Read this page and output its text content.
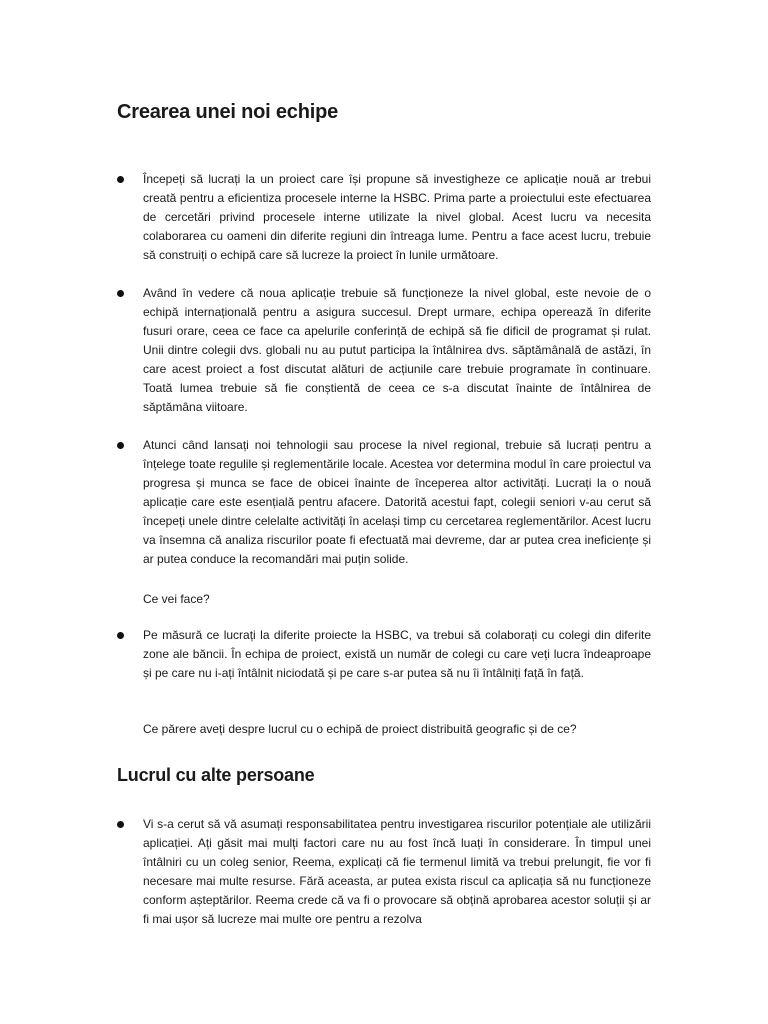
Crearea unei noi echipe

Începeți să lucrați la un proiect care își propune să investigheze ce aplicație nouă ar trebui creată pentru a eficientiza procesele interne la HSBC. Prima parte a proiectului este efectuarea de cercetări privind procesele interne utilizate la nivel global. Acest lucru va necesita colaborarea cu oameni din diferite regiuni din întreaga lume. Pentru a face acest lucru, trebuie să construiți o echipă care să lucreze la proiect în lunile următoare.

Având în vedere că noua aplicație trebuie să funcționeze la nivel global, este nevoie de o echipă internațională pentru a asigura succesul. Drept urmare, echipa operează în diferite fusuri orare, ceea ce face ca apelurile conferință de echipă să fie dificil de programat și rulat. Unii dintre colegii dvs. globali nu au putut participa la întâlnirea dvs. săptămânală de astăzi, în care acest proiect a fost discutat alături de acțiunile care trebuie programate în continuare. Toată lumea trebuie să fie conștientă de ceea ce s-a discutat înainte de întâlnirea de săptămâna viitoare.

Atunci când lansați noi tehnologii sau procese la nivel regional, trebuie să lucrați pentru a înțelege toate regulile și reglementările locale. Acestea vor determina modul în care proiectul va progresa și munca se face de obicei înainte de începerea altor activități. Lucrați la o nouă aplicație care este esențială pentru afacere. Datorită acestui fapt, colegii seniori v-au cerut să începeți unele dintre celelalte activități în același timp cu cercetarea reglementărilor. Acest lucru va însemna că analiza riscurilor poate fi efectuată mai devreme, dar ar putea crea ineficiențe și ar putea conduce la recomandări mai puțin solide.

Ce vei face?

Pe măsură ce lucrați la diferite proiecte la HSBC, va trebui să colaborați cu colegi din diferite zone ale băncii. În echipa de proiect, există un număr de colegi cu care veți lucra îndeaproape și pe care nu i-ați întâlnit niciodată și pe care s-ar putea să nu îi întâlniți față în față.

Ce părere aveți despre lucrul cu o echipă de proiect distribuită geografic și de ce?

Lucrul cu alte persoane

Vi s-a cerut să vă asumați responsabilitatea pentru investigarea riscurilor potențiale ale utilizării aplicației. Ați găsit mai mulți factori care nu au fost încă luați în considerare. În timpul unei întâlniri cu un coleg senior, Reema, explicați că fie termenul limită va trebui prelungit, fie vor fi necesare mai multe resurse. Fără aceasta, ar putea exista riscul ca aplicația să nu funcționeze conform așteptărilor. Reema crede că va fi o provocare să obțină aprobarea acestor soluții și ar fi mai ușor să lucreze mai multe ore pentru a rezolva
